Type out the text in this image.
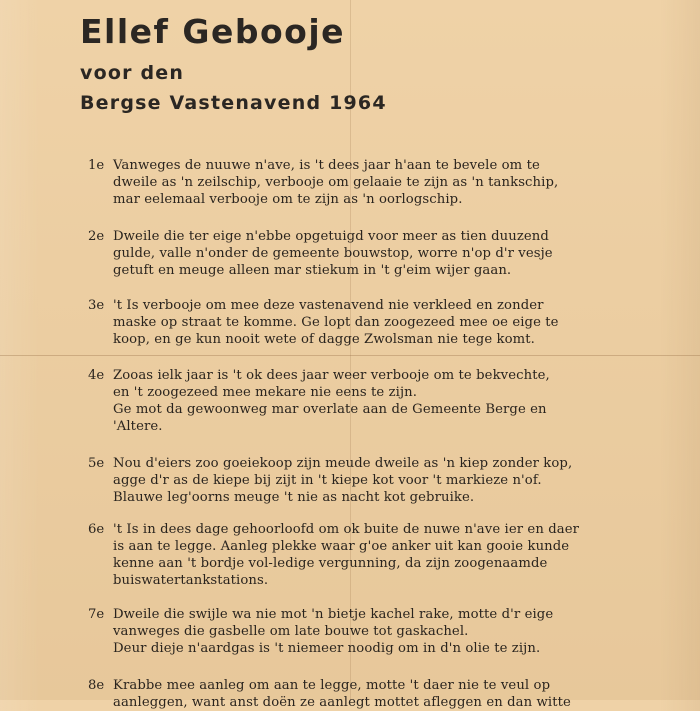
Ellef Gebooje
voor den
Bergse Vastenavend 1964
1e Vanweges de nuuwe n'ave, is 't dees jaar h'aan te bevele om te
dweile as 'n zeilschip, verbooje om gelaaie te zijn as 'n tankschip,
mar eelemaal verbooje om te zijn as 'n oorlogschip.
2e Dweile die ter eige n'ebbe opgetuigd voor meer as tien duuzend
gulde, valle n'onder de gemeente bouwstop, worre n'op d'r vesje
getuft en meuge alleen mar stiekum in 't g'eim wijer gaan.
3e 't Is verbooje om mee deze vastenavend nie verkleed en zonder
maske op straat te komme. Ge lopt dan zoogezeed mee oe eige te
koop, en ge kun nooit wete of dagge Zwolsman nie tege komt.
4e Zooas ielk jaar is 't ok dees jaar weer verbooje om te bekvechte,
en 't zoogezeed mee mekare nie eens te zijn.
Ge mot da gewoonweg mar overlate aan de Gemeente Berge en
'Altere.
5e Nou d'eiers zoo goeiekoop zijn meude dweile as 'n kiep zonder kop,
agge d'r as de kiepe bij zijt in 't kiepe kot voor 't markieze n'of.
Blauwe leg'oorns meuge 't nie as nacht kot gebruike.
6e 't Is in dees dage gehoorloofd om ok buite de nuwe n'ave ier en daer
is aan te legge. Aanleg plekke waar g'oe anker uit kan gooie kunde
kenne aan 't bordje vol-ledige vergunning, da zijn zoogenaamde
buiswatertankstations.
7e Dweile die swijle wa nie mot 'n bietje kachel rake, motte d'r eige
vanweges die gasbelle om late bouwe tot gaskachel.
Deur dieje n'aardgas is 't niemeer noodig om in d'n olie te zijn.
8e Krabbe mee aanleg om aan te legge, motte 't daer nie te veul op
aanleggen, want anst doën ze aanlegt mottet afleggen en dan witte
